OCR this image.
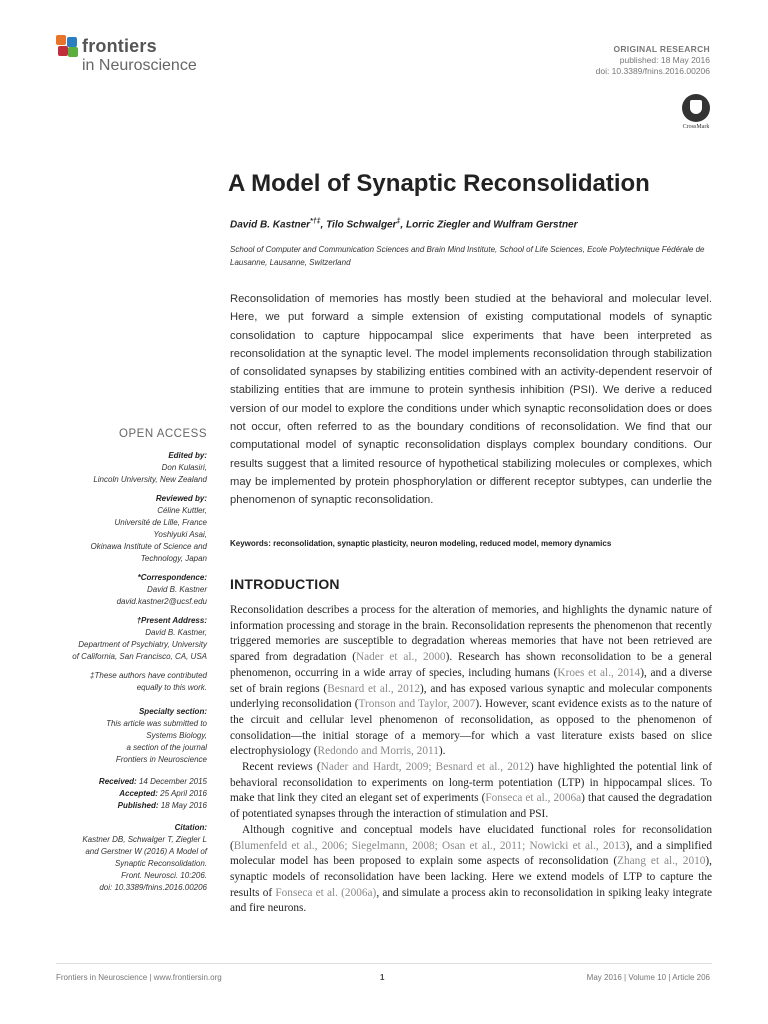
frontiers
in Neuroscience
ORIGINAL RESEARCH
published: 18 May 2016
doi: 10.3389/fnins.2016.00206
CrossMark
A Model of Synaptic Reconsolidation
David B. Kastner*†‡, Tilo Schwalger‡, Lorric Ziegler and Wulfram Gerstner
School of Computer and Communication Sciences and Brain Mind Institute, School of Life Sciences, Ecole Polytechnique Fédérale de Lausanne, Lausanne, Switzerland
Reconsolidation of memories has mostly been studied at the behavioral and molecular level. Here, we put forward a simple extension of existing computational models of synaptic consolidation to capture hippocampal slice experiments that have been interpreted as reconsolidation at the synaptic level. The model implements reconsolidation through stabilization of consolidated synapses by stabilizing entities combined with an activity-dependent reservoir of stabilizing entities that are immune to protein synthesis inhibition (PSI). We derive a reduced version of our model to explore the conditions under which synaptic reconsolidation does or does not occur, often referred to as the boundary conditions of reconsolidation. We find that our computational model of synaptic reconsolidation displays complex boundary conditions. Our results suggest that a limited resource of hypothetical stabilizing molecules or complexes, which may be implemented by protein phosphorylation or different receptor subtypes, can underlie the phenomenon of synaptic reconsolidation.
Keywords: reconsolidation, synaptic plasticity, neuron modeling, reduced model, memory dynamics
OPEN ACCESS
Edited by:
Don Kulasiri,
Lincoln University, New Zealand
Reviewed by:
Céline Kuttler,
Université de Lille, France
Yoshiyuki Asai,
Okinawa Institute of Science and
Technology, Japan
*Correspondence:
David B. Kastner
david.kastner2@ucsf.edu
†Present Address:
David B. Kastner,
Department of Psychiatry, University
of California, San Francisco, CA, USA
‡These authors have contributed
equally to this work.
Specialty section:
This article was submitted to
Systems Biology,
a section of the journal
Frontiers in Neuroscience
Received: 14 December 2015
Accepted: 25 April 2016
Published: 18 May 2016
Citation:
Kastner DB, Schwalger T, Ziegler L
and Gerstner W (2016) A Model of
Synaptic Reconsolidation.
Front. Neurosci. 10:206.
doi: 10.3389/fnins.2016.00206
INTRODUCTION

Reconsolidation describes a process for the alteration of memories, and highlights the dynamic nature of information processing and storage in the brain. Reconsolidation represents the phenomenon that recently triggered memories are susceptible to degradation whereas memories that have not been retrieved are spared from degradation (Nader et al., 2000). Research has shown reconsolidation to be a general phenomenon, occurring in a wide array of species, including humans (Kroes et al., 2014), and a diverse set of brain regions (Besnard et al., 2012), and has exposed various synaptic and molecular components underlying reconsolidation (Tronson and Taylor, 2007). However, scant evidence exists as to the nature of the circuit and cellular level phenomenon of reconsolidation, as opposed to the phenomenon of consolidation—the initial storage of a memory—for which a vast literature exists based on slice electrophysiology (Redondo and Morris, 2011).

Recent reviews (Nader and Hardt, 2009; Besnard et al., 2012) have highlighted the potential link of behavioral reconsolidation to experiments on long-term potentiation (LTP) in hippocampal slices. To make that link they cited an elegant set of experiments (Fonseca et al., 2006a) that caused the degradation of potentiated synapses through the interaction of stimulation and PSI.

Although cognitive and conceptual models have elucidated functional roles for reconsolidation (Blumenfeld et al., 2006; Siegelmann, 2008; Osan et al., 2011; Nowicki et al., 2013), and a simplified molecular model has been proposed to explain some aspects of reconsolidation (Zhang et al., 2010), synaptic models of reconsolidation have been lacking. Here we extend models of LTP to capture the results of Fonseca et al. (2006a), and simulate a process akin to reconsolidation in spiking leaky integrate and fire neurons.

Frontiers in Neuroscience | www.frontiersin.org	1	May 2016 | Volume 10 | Article 206
